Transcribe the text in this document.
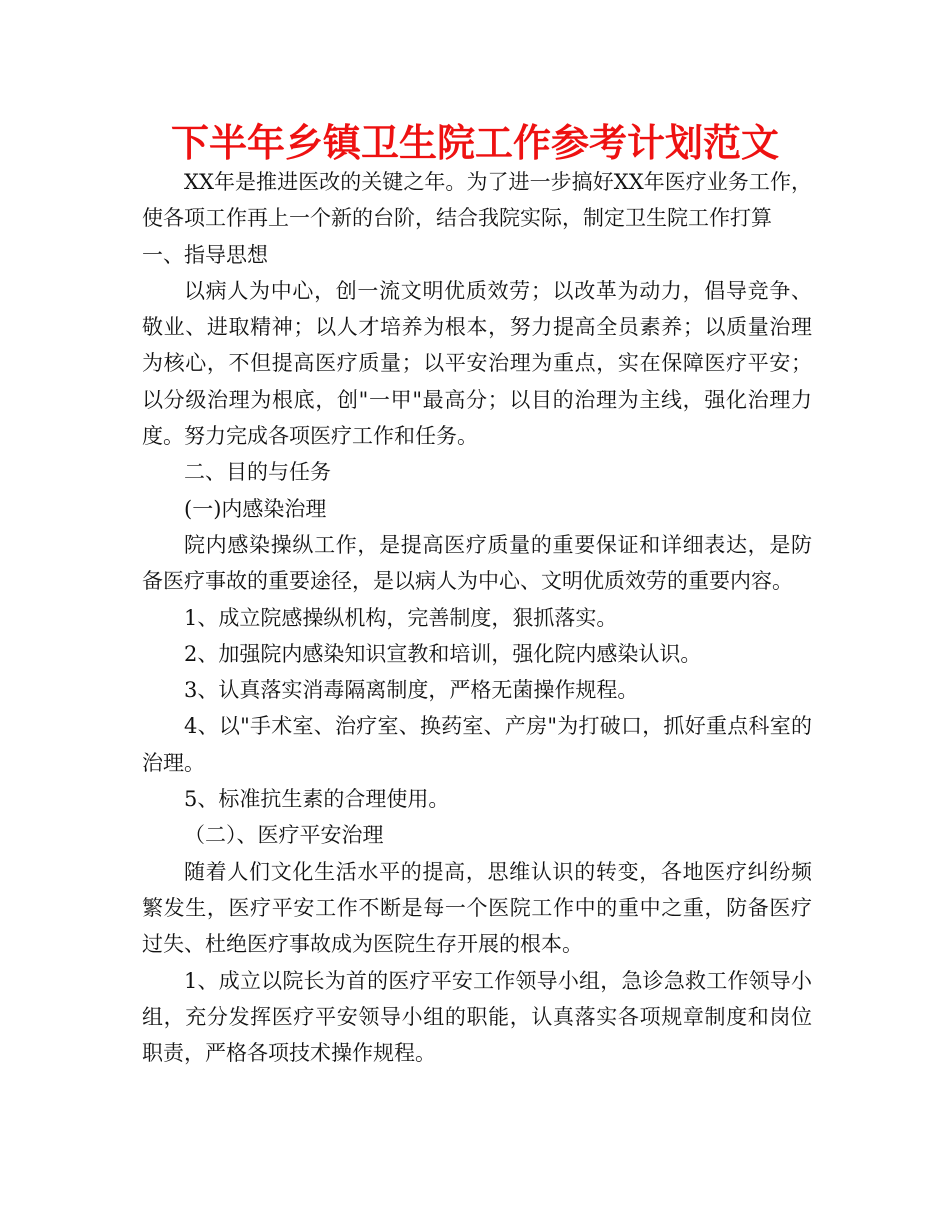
下半年乡镇卫生院工作参考计划范文

XX年是推进医改的关键之年。为了进一步搞好XX年医疗业务工作，使各项工作再上一个新的台阶，结合我院实际，制定卫生院工作打算

一、指导思想

以病人为中心，创一流文明优质效劳；以改革为动力，倡导竞争、敬业、进取精神；以人才培养为根本，努力提高全员素养；以质量治理为核心，不但提高医疗质量；以平安治理为重点，实在保障医疗平安；以分级治理为根底，创"一甲"最高分；以目的治理为主线，强化治理力度。努力完成各项医疗工作和任务。

二、目的与任务

(一)内感染治理

院内感染操纵工作，是提高医疗质量的重要保证和详细表达，是防备医疗事故的重要途径，是以病人为中心、文明优质效劳的重要内容。

1、成立院感操纵机构，完善制度，狠抓落实。

2、加强院内感染知识宣教和培训，强化院内感染认识。

3、认真落实消毒隔离制度，严格无菌操作规程。

4、以"手术室、治疗室、换药室、产房"为打破口，抓好重点科室的治理。

5、标准抗生素的合理使用。

（二）、医疗平安治理

随着人们文化生活水平的提高，思维认识的转变，各地医疗纠纷频繁发生，医疗平安工作不断是每一个医院工作中的重中之重，防备医疗过失、杜绝医疗事故成为医院生存开展的根本。

1、成立以院长为首的医疗平安工作领导小组，急诊急救工作领导小组，充分发挥医疗平安领导小组的职能，认真落实各项规章制度和岗位职责，严格各项技术操作规程。
